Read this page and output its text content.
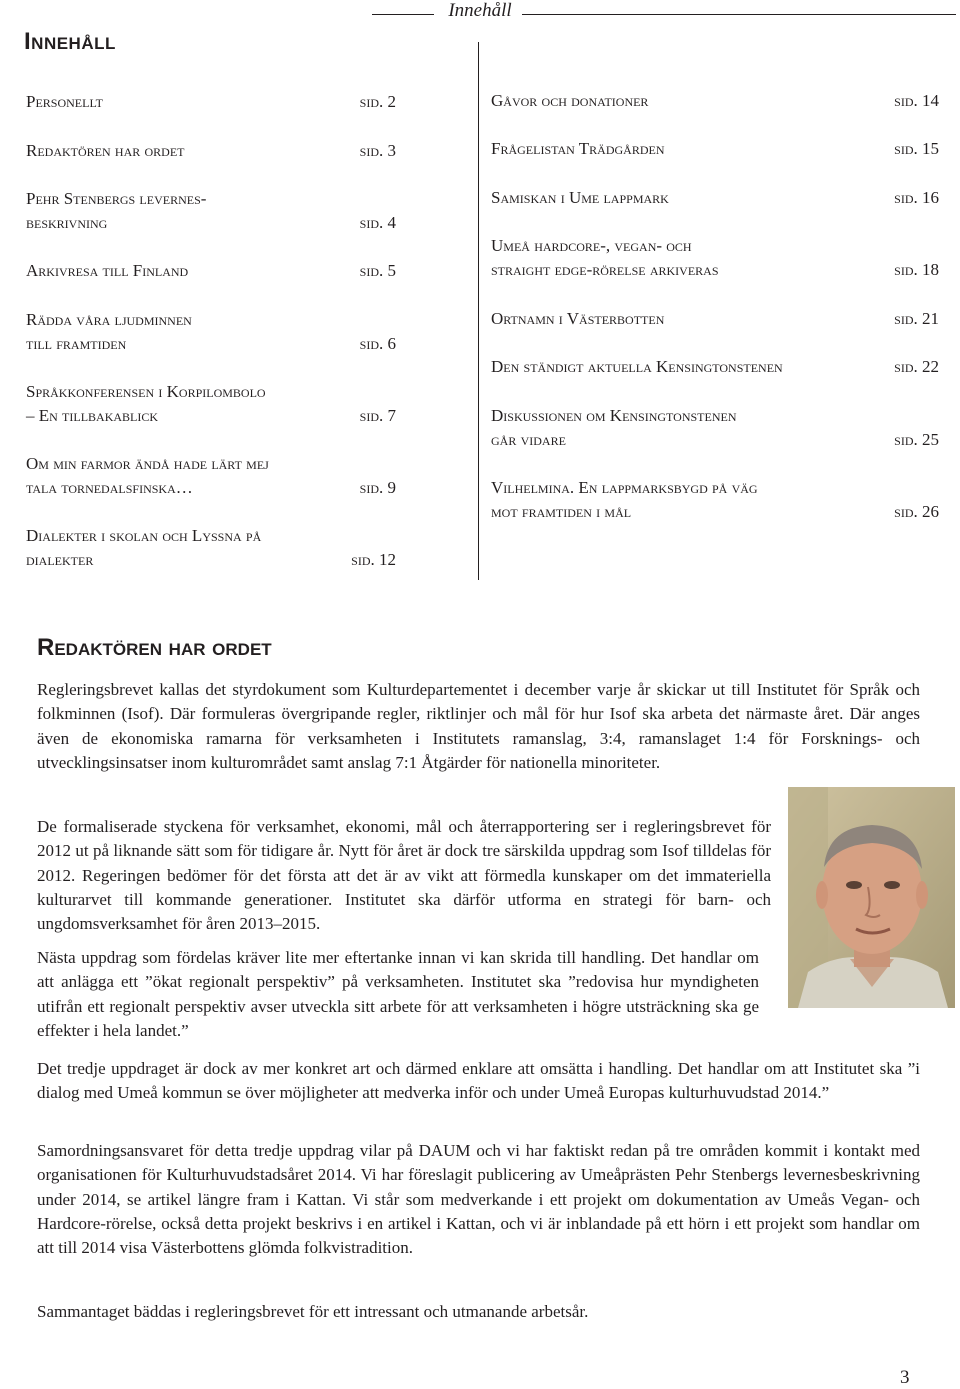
Innehåll
Innehåll
Personellt	sid. 2
Redaktören har ordet	sid. 3
Pehr Stenbergs levernes-
beskrivning	sid. 4
Arkivresa till Finland	sid. 5
Rädda våra ljudminnen
till framtiden	sid. 6
Språkkonferensen i Korpilombolo
– En tillbakablick	sid. 7
Om min farmor ändå hade lärt mej
tala tornedalsfinska…	sid. 9
Dialekter i skolan och Lyssna på
dialekter	sid. 12
Gåvor och donationer	sid. 14
Frågelistan Trädgården	sid. 15
Samiskan i Ume lappmark	sid. 16
Umeå hardcore-, vegan- och
straight edge-rörelse arkiveras	sid. 18
Ortnamn i Västerbotten	sid. 21
Den ständigt aktuella Kensingtonstenen	sid. 22
Diskussionen om Kensingtonstenen
går vidare	sid. 25
Vilhelmina. En lappmarksbygd på väg
mot framtiden i mål	sid. 26
Redaktören har ordet

Regleringsbrevet kallas det styrdokument som Kulturdepartementet i december varje år skickar ut till Institutet för Språk och folkminnen (Isof). Där formuleras övergripande regler, riktlinjer och mål för hur Isof ska arbeta det närmaste året. Där anges även de ekonomiska ramarna för verksamheten i Institutets ramanslag, 3:4, ramanslaget 1:4 för Forsknings- och utvecklingsinsatser inom kulturområdet samt anslag 7:1 Åtgärder för nationella minoriteter.

De formaliserade styckena för verksamhet, ekonomi, mål och återrapportering ser i regleringsbrevet för 2012 ut på liknande sätt som för tidigare år. Nytt för året är dock tre särskilda uppdrag som Isof tilldelas för 2012. Regeringen bedömer för det första att det är av vikt att förmedla kunskaper om det immateriella kulturarvet till kommande generationer. Institutet ska därför utforma en strategi för barn- och ungdomsverksamhet för åren 2013–2015.

Nästa uppdrag som fördelas kräver lite mer eftertanke innan vi kan skrida till handling. Det handlar om att anlägga ett ”ökat regionalt perspektiv” på verksamheten. Institutet ska ”redovisa hur myndigheten utifrån ett regionalt perspektiv avser utveckla sitt arbete för att verksamheten i högre utsträckning ska ge effekter i hela landet.”

Det tredje uppdraget är dock av mer konkret art och därmed enklare att omsätta i handling. Det handlar om att Institutet ska ”i dialog med Umeå kommun se över möjligheter att medverka inför och under Umeå Europas kulturhuvudstad 2014.”

Samordningsansvaret för detta tredje uppdrag vilar på DAUM och vi har faktiskt redan på tre områden kommit i kontakt med organisationen för Kulturhuvudstadsåret 2014. Vi har föreslagit publicering av Umeåprästen Pehr Stenbergs levernesbeskrivning under 2014, se artikel längre fram i Kattan. Vi står som medverkande i ett projekt om dokumentation av Umeås Vegan- och Hardcore-rörelse, också detta projekt beskrivs i en artikel i Kattan, och vi är inblandade på ett hörn i ett projekt som handlar om att till 2014 visa Västerbottens glömda folkvistradition.

Sammantaget bäddas i regleringsbrevet för ett intressant och utmanande arbetsår.

3
